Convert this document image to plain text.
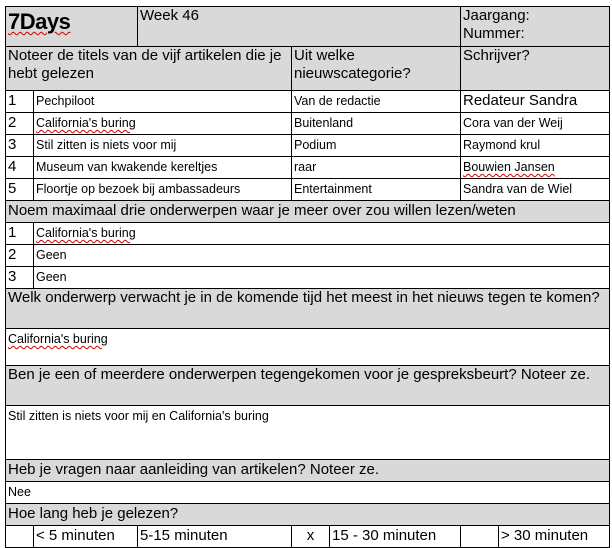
7Days		Week 46			Jaargang:
Nummer:	

Noteer de titels van de vijf artikelen die je hebt gelezen			Uit welke nieuwscategorie?		Schrijver?	
1	Pechpiloot		Van de redactie		Redateur Sandra	
2	California's buring		Buitenland		Cora van der Weij	
3	Stil zitten is niets voor mij		Podium		Raymond krul	
4	Museum van kwakende kereltjes		raar		Bouwien Jansen	
5	Floortje op bezoek bij ambassadeurs		Entertainment		Sandra van de Wiel	
Noem maximaal drie onderwerpen waar je meer over zou willen lezen/weten						
1	California's buring					
2	Geen					
3	Geen					
Welk onderwerp verwacht je in de komende tijd het meest in het nieuws tegen te komen?						
California's buring						
Ben je een of meerdere onderwerpen tegengekomen voor je gespreksbeurt? Noteer ze.						
Stil zitten is niets voor mij en California's buring						
Heb je vragen naar aanleiding van artikelen? Noteer ze.						
Nee						
Hoe lang heb je gelezen?						
	< 5 minuten	5-15 minuten	x	15 - 30 minuten		> 30 minuten
